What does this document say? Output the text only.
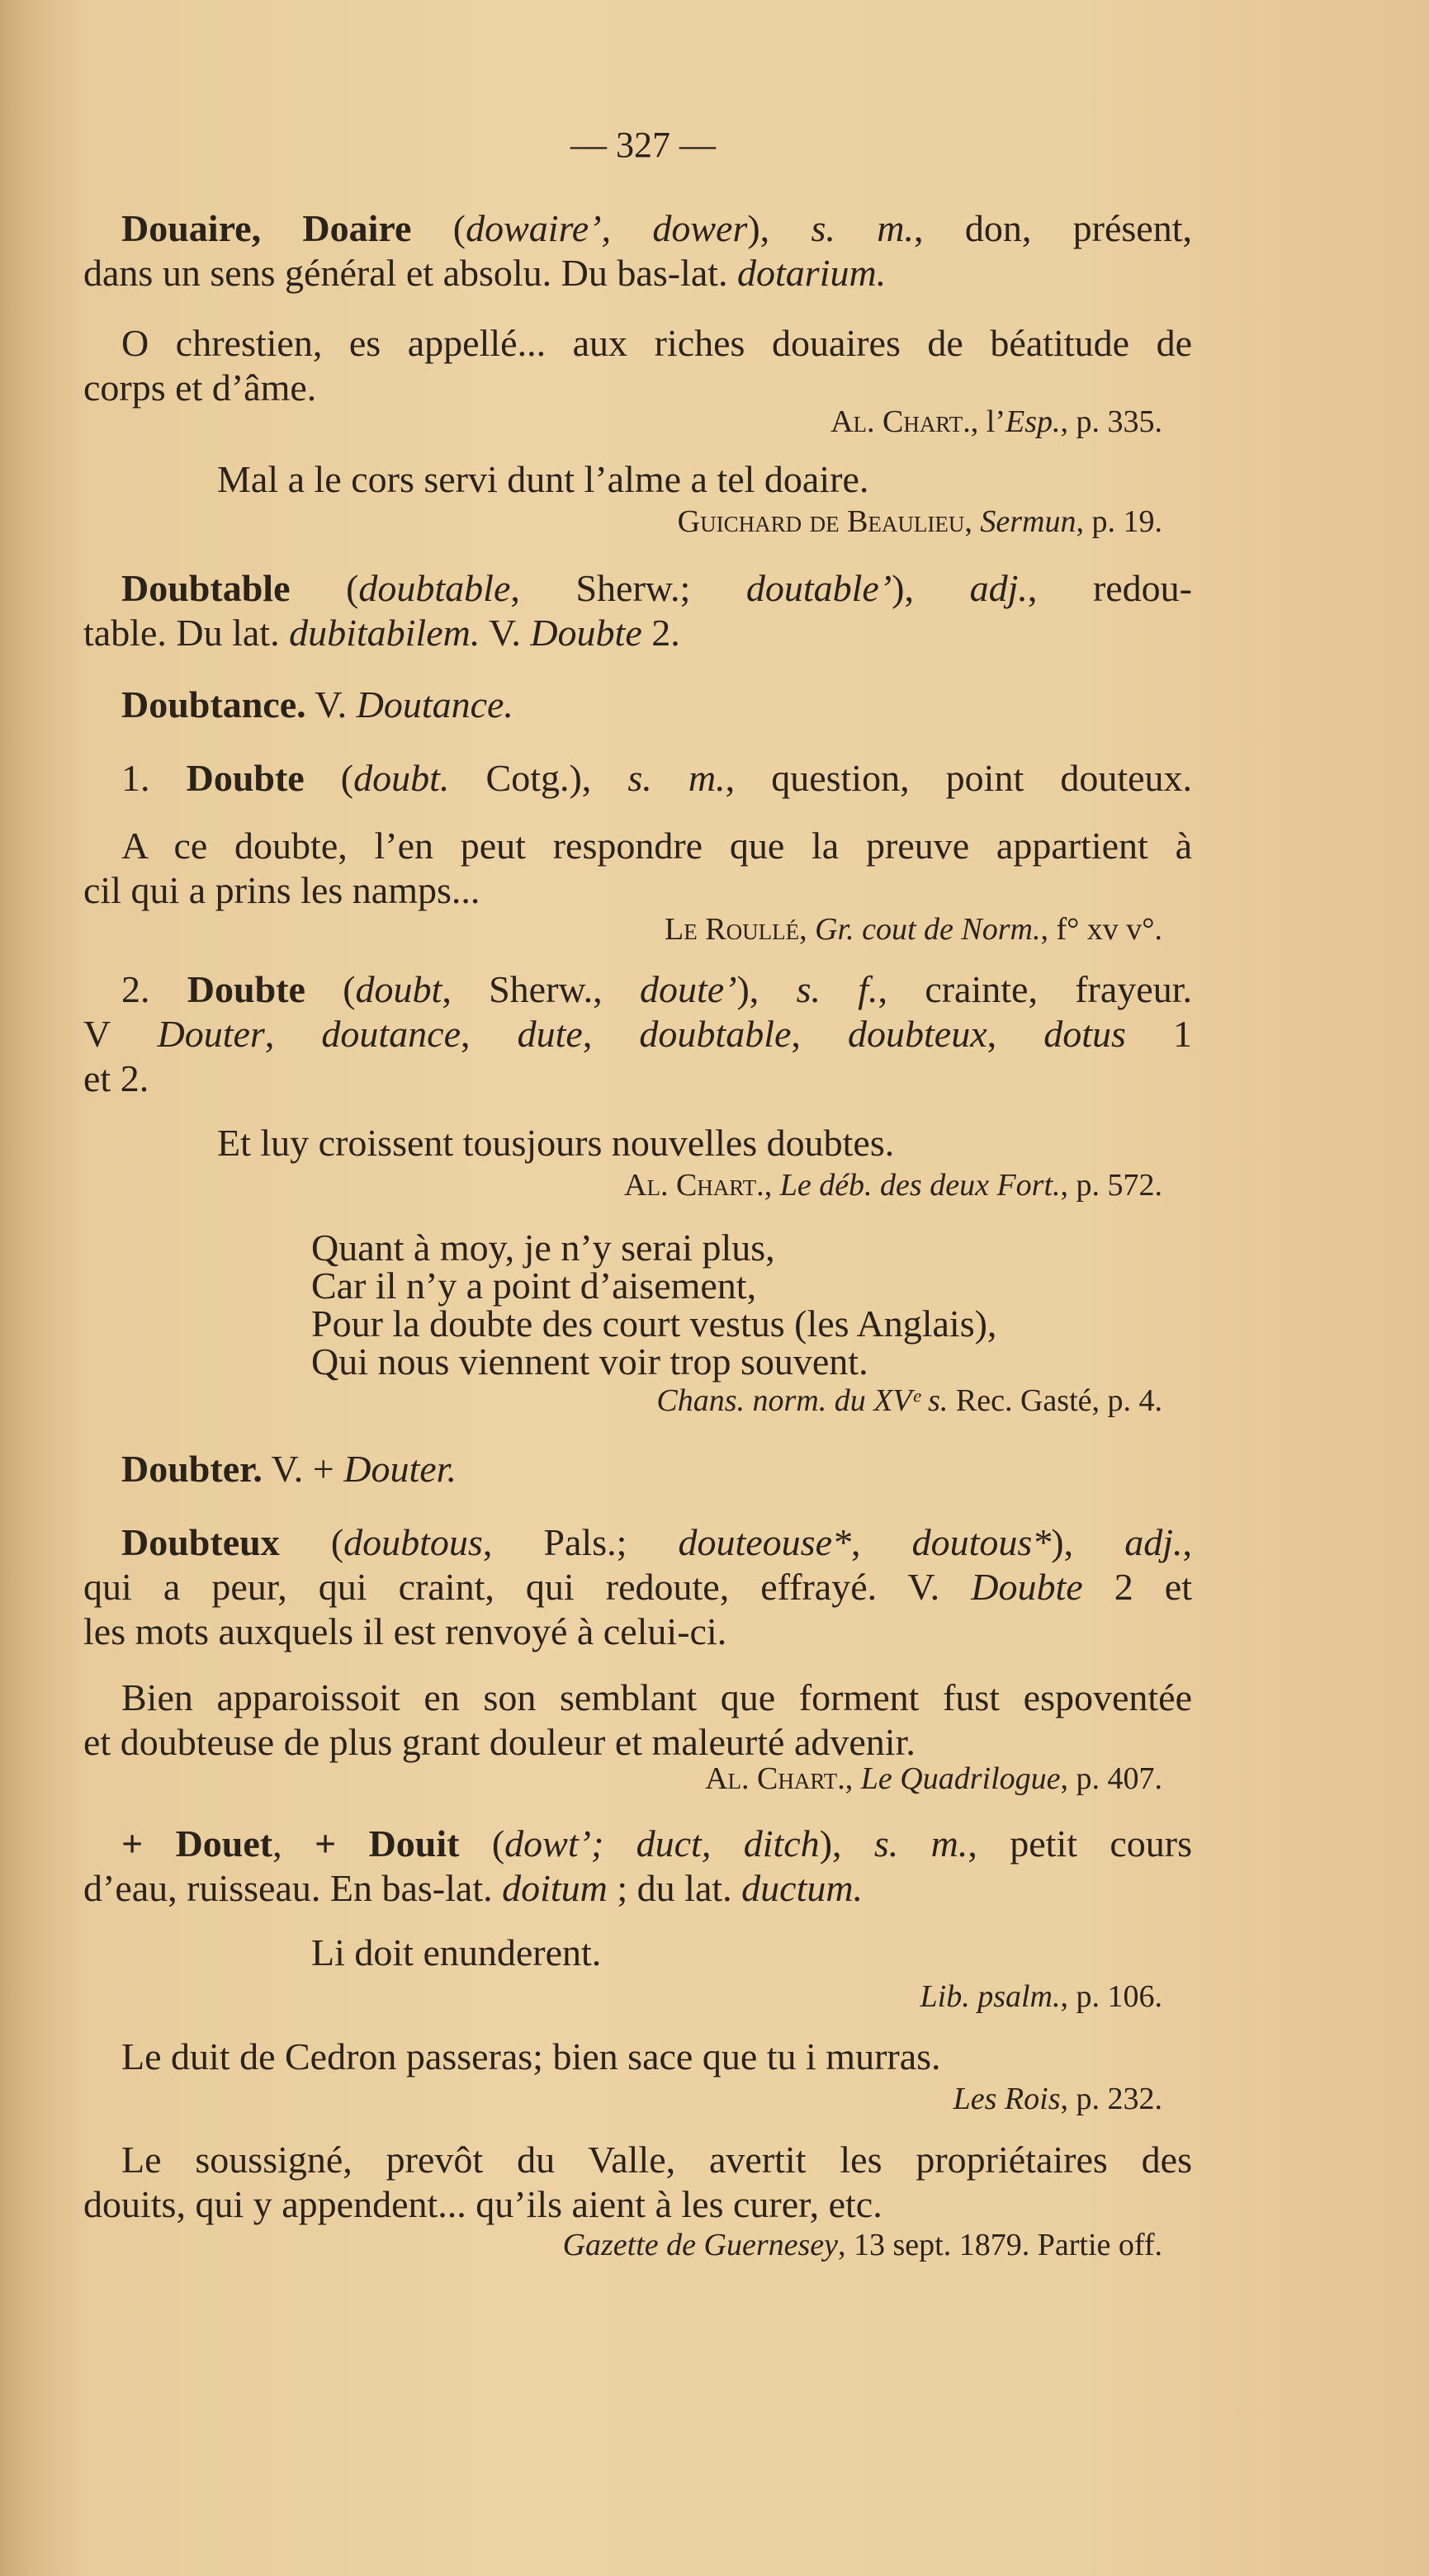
— 327 —
Douaire, Doaire (dowaire’, dower), s. m., don, présent,
dans un sens général et absolu. Du bas-lat. dotarium.
O chrestien, es appellé... aux riches douaires de béatitude de
corps et d’âme.
Al. Chart., l’Esp., p. 335.
Mal a le cors servi dunt l’alme a tel doaire.
Guichard de Beaulieu, Sermun, p. 19.
Doubtable (doubtable, Sherw.; doutable’), adj., redou-
table. Du lat. dubitabilem. V. Doubte 2.
Doubtance. V. Doutance.
1. Doubte (doubt. Cotg.), s. m., question, point douteux.
A ce doubte, l’en peut respondre que la preuve appartient à
cil qui a prins les namps...
Le Roullé, Gr. cout de Norm., f° xv v°.
2. Doubte (doubt, Sherw., doute’), s. f., crainte, frayeur.
V Douter, doutance, dute, doubtable, doubteux, dotus 1
et 2.
Et luy croissent tousjours nouvelles doubtes.
Al. Chart., Le déb. des deux Fort., p. 572.
Quant à moy, je n’y serai plus,
Car il n’y a point d’aisement,
Pour la doubte des court vestus (les Anglais),
Qui nous viennent voir trop souvent.
Chans. norm. du XVᵉ s. Rec. Gasté, p. 4.
Doubter. V. + Douter.
Doubteux (doubtous, Pals.; douteouse*, doutous*), adj.,
qui a peur, qui craint, qui redoute, effrayé. V. Doubte 2 et
les mots auxquels il est renvoyé à celui-ci.
Bien apparoissoit en son semblant que forment fust espoventée
et doubteuse de plus grant douleur et maleurté advenir.
Al. Chart., Le Quadrilogue, p. 407.
+ Douet, + Douit (dowt’; duct, ditch), s. m., petit cours
d’eau, ruisseau. En bas-lat. doitum ; du lat. ductum.
Li doit enunderent.
Lib. psalm., p. 106.
Le duit de Cedron passeras; bien sace que tu i murras.
Les Rois, p. 232.
Le soussigné, prevôt du Valle, avertit les propriétaires des
douits, qui y appendent... qu’ils aient à les curer, etc.
Gazette de Guernesey, 13 sept. 1879. Partie off.
